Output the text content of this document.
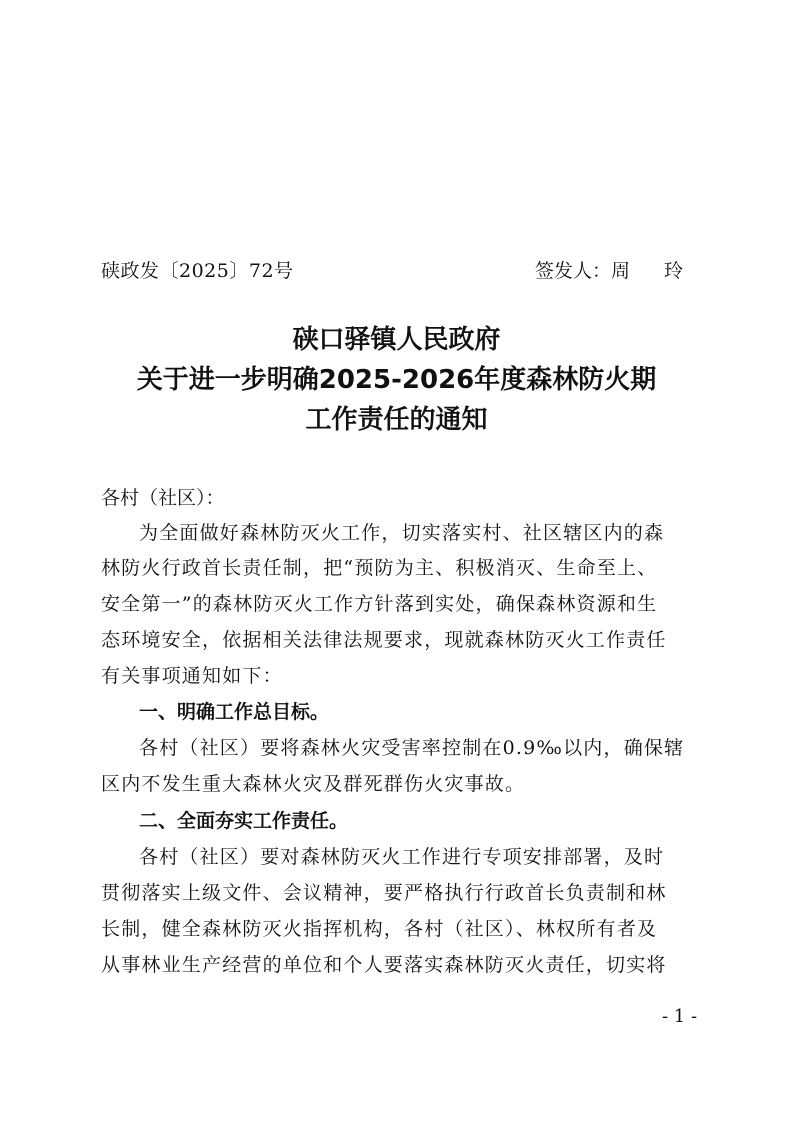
硖政发〔2025〕72号	签发人：周 玲
硖口驿镇人民政府
关于进一步明确2025-2026年度森林防火期
工作责任的通知
各村（社区）：
为全面做好森林防灭火工作，切实落实村、社区辖区内的森
林防火行政首长责任制，把“预防为主、积极消灭、生命至上、
安全第一”的森林防灭火工作方针落到实处，确保森林资源和生
态环境安全，依据相关法律法规要求，现就森林防灭火工作责任
有关事项通知如下：
一、明确工作总目标。
各村（社区）要将森林火灾受害率控制在0.9‰以内，确保辖
区内不发生重大森林火灾及群死群伤火灾事故。
二、全面夯实工作责任。
各村（社区）要对森林防灭火工作进行专项安排部署，及时
贯彻落实上级文件、会议精神，要严格执行行政首长负责制和林
长制，健全森林防灭火指挥机构，各村（社区）、林权所有者及
从事林业生产经营的单位和个人要落实森林防灭火责任，切实将
- 1 -
